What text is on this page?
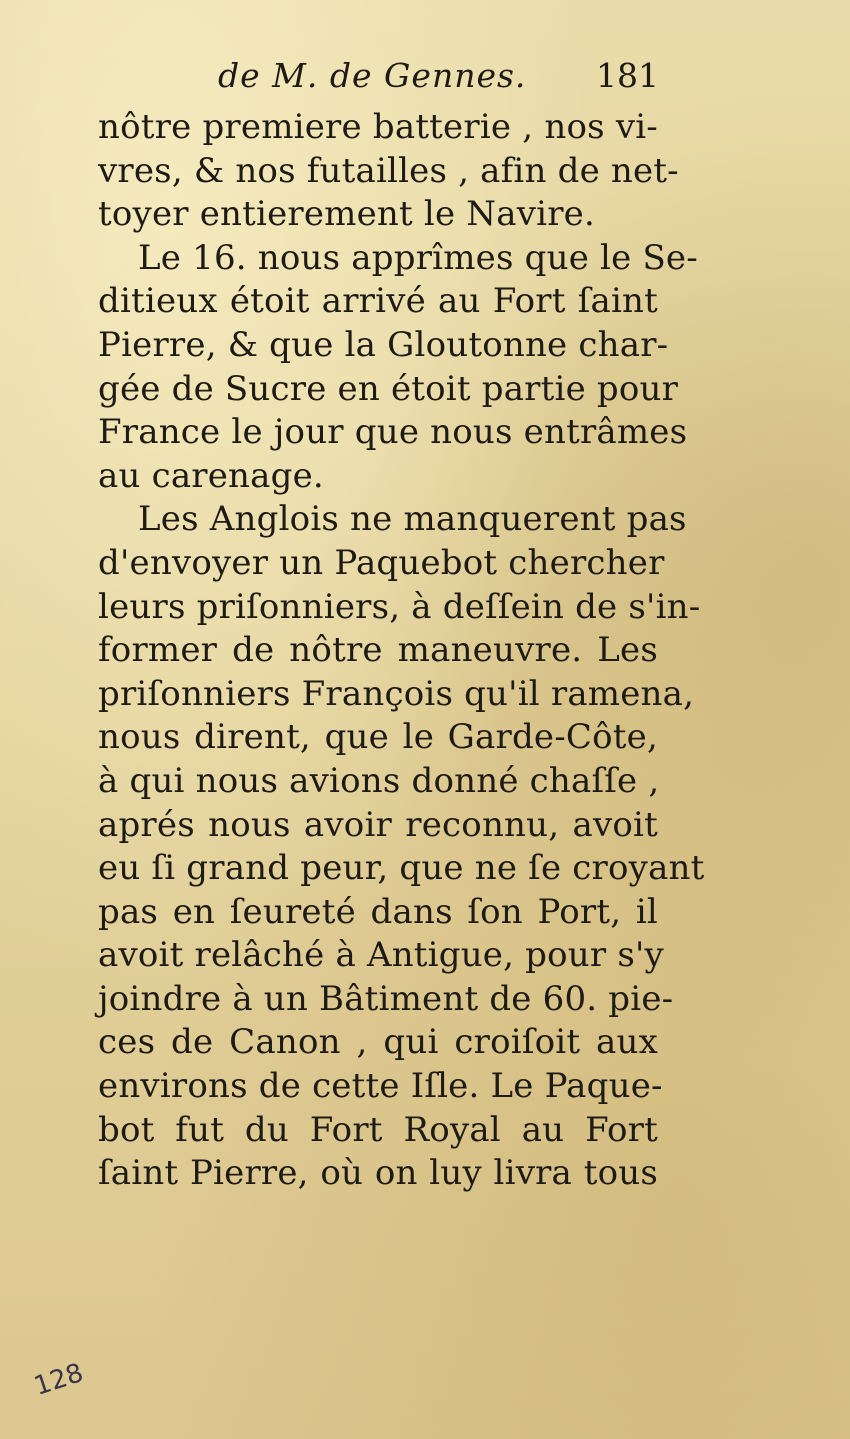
de M. de Gennes. 181
nôtre premiere batterie , nos vi-
vres, & nos futailles , afin de net-
toyer entierement le Navire.
Le 16. nous apprîmes que le Se-
ditieux étoit arrivé au Fort ſaint
Pierre, & que la Gloutonne char-
gée de Sucre en étoit partie pour
France le jour que nous entrâmes
au carenage.
Les Anglois ne manquerent pas
d'envoyer un Paquebot chercher
leurs priſonniers, à deſſein de s'in-
former de nôtre maneuvre. Les
priſonniers François qu'il ramena,
nous dirent, que le Garde-Côte,
à qui nous avions donné chaſſe ,
aprés nous avoir reconnu, avoit
eu ſi grand peur, que ne ſe croyant
pas en ſeureté dans ſon Port, il
avoit relâché à Antigue, pour s'y
joindre à un Bâtiment de 60. pie-
ces de Canon , qui croiſoit aux
environs de cette Iſle. Le Paque-
bot fut du Fort Royal au Fort
ſaint Pierre, où on luy livra tous
128
